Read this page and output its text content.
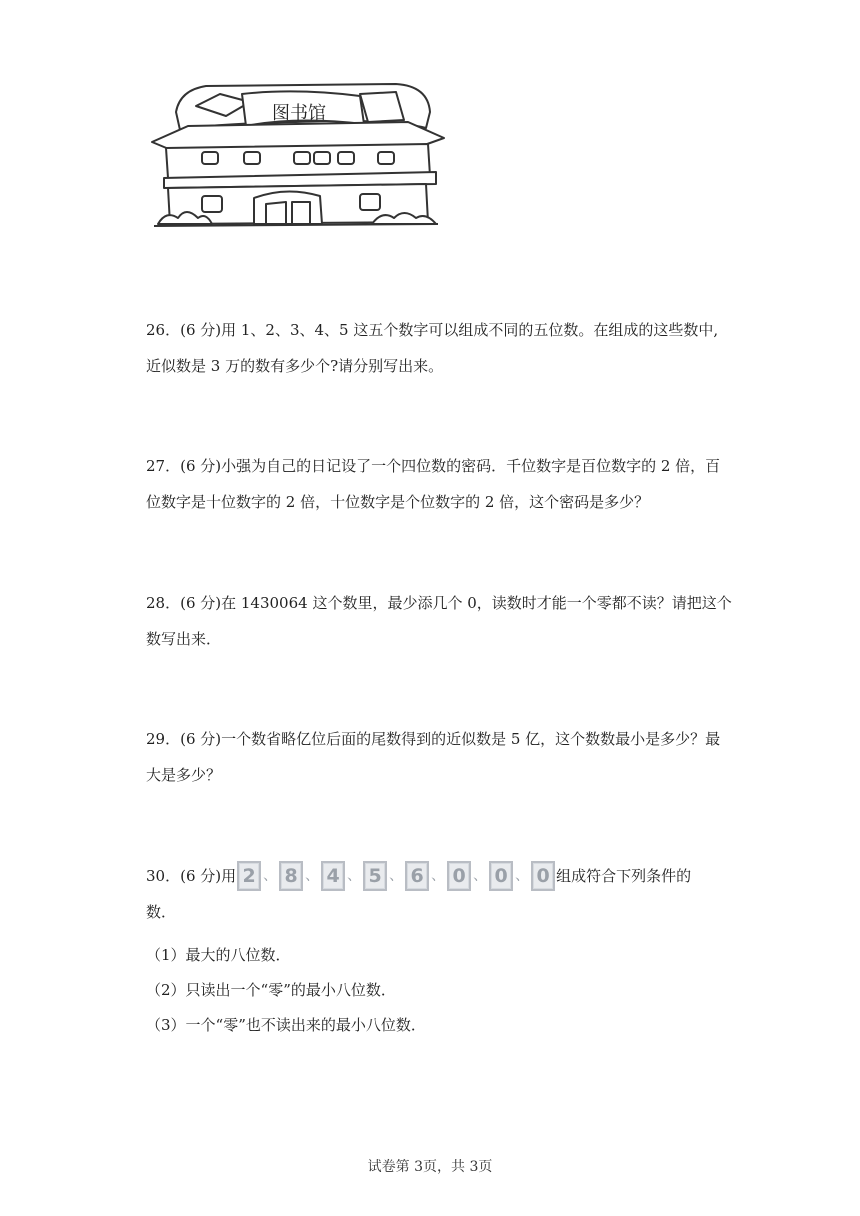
图书馆

26．(6 分)用 1、2、3、4、5 这五个数字可以组成不同的五位数。在组成的这些数中,

近似数是 3 万的数有多少个?请分别写出来。

27．(6 分)小强为自己的日记设了一个四位数的密码．千位数字是百位数字的 2 倍，百

位数字是十位数字的 2 倍，十位数字是个位数字的 2 倍，这个密码是多少？

28．(6 分)在 1430064 这个数里，最少添几个 0，读数时才能一个零都不读？请把这个

数写出来．

29．(6 分)一个数省略亿位后面的尾数得到的近似数是 5 亿，这个数数最小是多少？最

大是多少？

30．(6 分)用 2 、 8 、 4 、 5 、 6 、 0 、 0 、 0 组成符合下列条件的

数．

（1）最大的八位数．

（2）只读出一个“零”的最小八位数．

（3）一个“零”也不读出来的最小八位数．

试卷第 3页，共 3页
